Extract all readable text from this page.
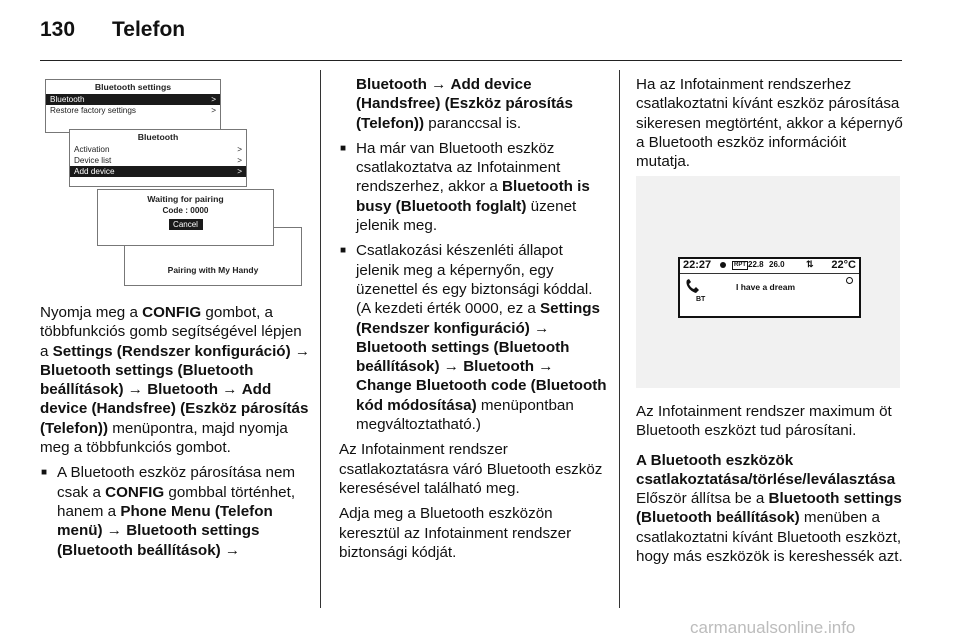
130 Telefon
Bluetooth settings
Bluetooth	>
Restore factory settings	>
Bluetooth
Activation	>
Device list	>
Add device	>
Pairing with My Handy
Waiting for pairing
Code : 0000
Cancel

Nyomja meg a CONFIG gombot, a többfunkciós gomb segítségével lépjen a Settings (Rendszer konfiguráció) → Bluetooth settings (Bluetooth beállítások) → Bluetooth → Add device (Handsfree) (Eszköz párosítás (Telefon)) menüpontra, majd nyomja meg a többfunkciós gombot.

■ A Bluetooth eszköz párosítása nem csak a CONFIG gombbal történhet, hanem a Phone Menu (Telefon menü) → Bluetooth settings (Bluetooth beállítások) →

Bluetooth → Add device (Handsfree) (Eszköz párosítás (Telefon)) paranccsal is.

■ Ha már van Bluetooth eszköz csatlakoztatva az Infotainment rendszerhez, akkor a Bluetooth is busy (Bluetooth foglalt) üzenet jelenik meg.

■ Csatlakozási készenléti állapot jelenik meg a képernyőn, egy üzenettel és egy biztonsági kóddal. (A kezdeti érték 0000, ez a Settings (Rendszer konfiguráció) → Bluetooth settings (Bluetooth beállítások) → Bluetooth → Change Bluetooth code (Bluetooth kód módosítása) menüpontban megváltoztatható.)

Az Infotainment rendszer csatlakoztatásra váró Bluetooth eszköz keresésével található meg.

Adja meg a Bluetooth eszközön keresztül az Infotainment rendszer biztonsági kódját.

Ha az Infotainment rendszerhez csatlakoztatni kívánt eszköz párosítása sikeresen megtörtént, akkor a képernyő a Bluetooth eszköz információit mutatja.

22:27	RPT 22.8 26.0 ⇅ 22°C
BT
I have a dream

Az Infotainment rendszer maximum öt Bluetooth eszközt tud párosítani.

A Bluetooth eszközök csatlakoztatása/törlése/leválasztása

Először állítsa be a Bluetooth settings (Bluetooth beállítások) menüben a csatlakoztatni kívánt Bluetooth eszközt, hogy más eszközök is kereshessék azt.

carmanualsonline.info
